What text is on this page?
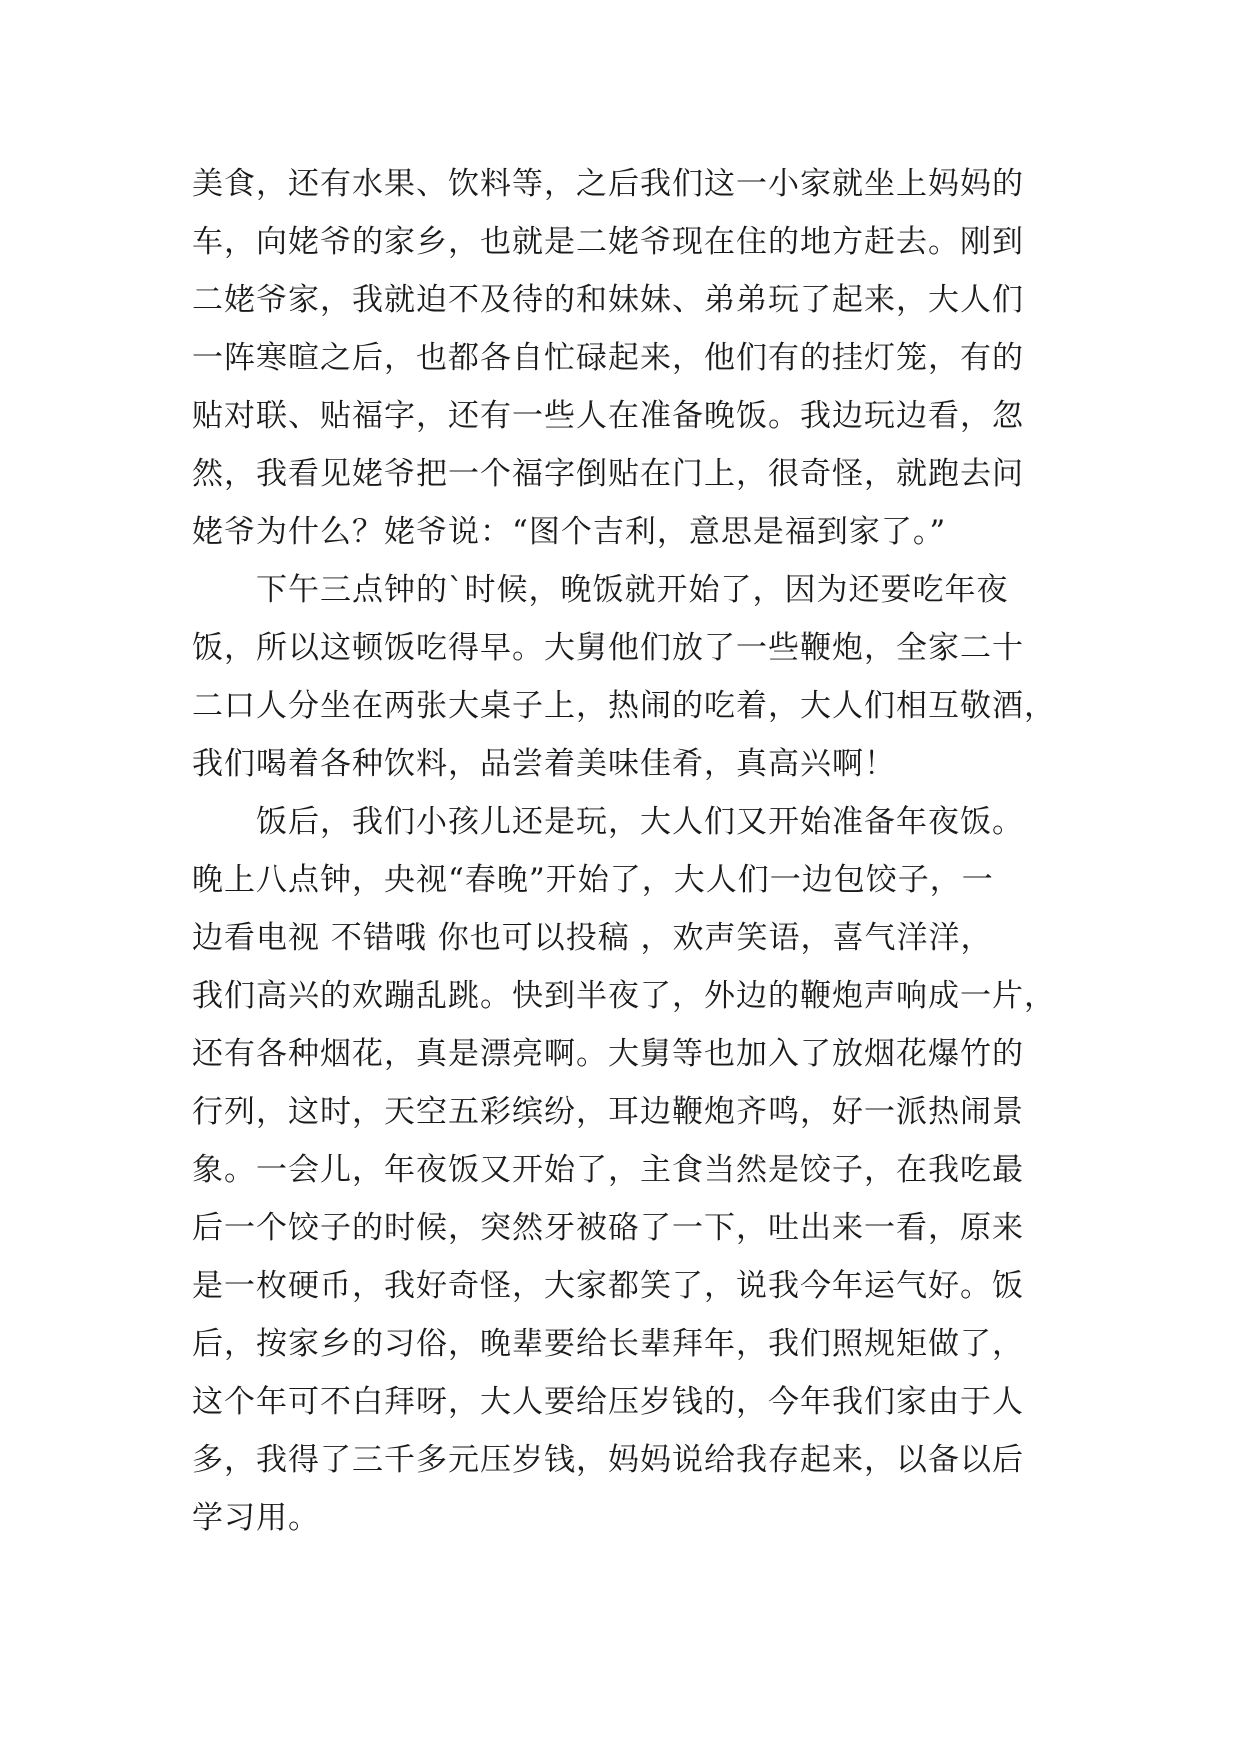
美食，还有水果、饮料等，之后我们这一小家就坐上妈妈的
车，向姥爷的家乡，也就是二姥爷现在住的地方赶去。刚到
二姥爷家，我就迫不及待的和妹妹、弟弟玩了起来，大人们
一阵寒暄之后，也都各自忙碌起来，他们有的挂灯笼，有的
贴对联、贴福字，还有一些人在准备晚饭。我边玩边看，忽
然，我看见姥爷把一个福字倒贴在门上，很奇怪，就跑去问
姥爷为什么？姥爷说：“图个吉利，意思是福到家了。”

下午三点钟的`时候，晚饭就开始了，因为还要吃年夜
饭，所以这顿饭吃得早。大舅他们放了一些鞭炮，全家二十
二口人分坐在两张大桌子上，热闹的吃着，大人们相互敬酒，
我们喝着各种饮料，品尝着美味佳肴，真高兴啊！

饭后，我们小孩儿还是玩，大人们又开始准备年夜饭。
晚上八点钟，央视“春晚”开始了，大人们一边包饺子，一
边看电视 不错哦 你也可以投稿 ，欢声笑语，喜气洋洋，
我们高兴的欢蹦乱跳。快到半夜了，外边的鞭炮声响成一片，
还有各种烟花，真是漂亮啊。大舅等也加入了放烟花爆竹的
行列，这时，天空五彩缤纷，耳边鞭炮齐鸣，好一派热闹景
象。一会儿，年夜饭又开始了，主食当然是饺子，在我吃最
后一个饺子的时候，突然牙被硌了一下，吐出来一看，原来
是一枚硬币，我好奇怪，大家都笑了，说我今年运气好。饭
后，按家乡的习俗，晚辈要给长辈拜年，我们照规矩做了，
这个年可不白拜呀，大人要给压岁钱的，今年我们家由于人
多，我得了三千多元压岁钱，妈妈说给我存起来，以备以后
学习用。
